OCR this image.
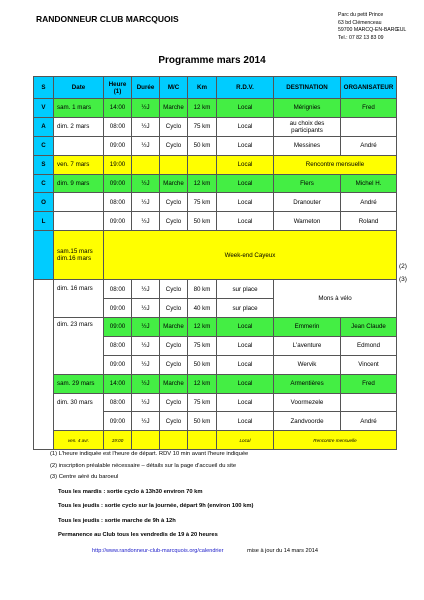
RANDONNEUR CLUB MARCQUOIS	Parc du petit Prince
63 bd Clémenceau
59700 MARCQ-EN-BARŒUL
Tel.: 07 82 13 83 09
Programme mars 2014
S	Date	Heure (1)	Durée	M/C	Km	R.D.V.	DESTINATION	ORGANISATEUR
V	sam. 1 mars	14:00	½J	Marche	12 km	Local	Mérignies	Fred
A	dim. 2 mars	08:00	½J	Cyclo	75 km	Local	au choix des participants	
C		09:00	½J	Cyclo	50 km	Local	Messines	André
S	ven. 7 mars	19:00				Local	Rencontre mensuelle	
C	dim. 9 mars	09:00	½J	Marche	12 km	Local	Flers	Michel H.
O		08:00	½J	Cyclo	75 km	Local	Dranouter	André
L		09:00	½J	Cyclo	50 km	Local	Warneton	Roland
	sam.15 mars dim.16 mars	Week-end Cayeux						
	dim. 16 mars	08:00	½J	Cyclo	80 km	sur place	Mons à vélo	
		09:00	½J	Cyclo	40 km	sur place		
	dim. 23 mars	09:00	½J	Marche	12 km	Local	Emmerin	Jean Claude
		08:00	½J	Cyclo	75 km	Local	L'aventure	Edmond
		09:00	½J	Cyclo	50 km	Local	Wervik	Vincent
	sam. 29 mars	14:00	½J	Marche	12 km	Local	Armentières	Fred
	dim. 30 mars	08:00	½J	Cyclo	75 km	Local	Voormezele	
		09:00	½J	Cyclo	50 km	Local	Zandvoorde	André
	ven. 4 avr.	19:00				Local	Rencontre mensuelle	
(2)
(3)
(1) L'heure indiquée est l'heure de départ. RDV 10 min avant l'heure indiquée
(2) inscription préalable nécessaire – détails sur la page d'accueil du site
(3) Centre aéré du baroeul
Tous les mardis : sortie cyclo à 13h30 environ 70 km
Tous les jeudis : sortie cyclo sur la journée, départ 9h (environ 100 km)
Tous les jeudis : sortie marche de 9h à 12h
Permanence au Club tous les vendredis de 19 à 20 heures
http://www.randonneur-club-marcquois.org/calendrier	mise à jour du 14 mars 2014
